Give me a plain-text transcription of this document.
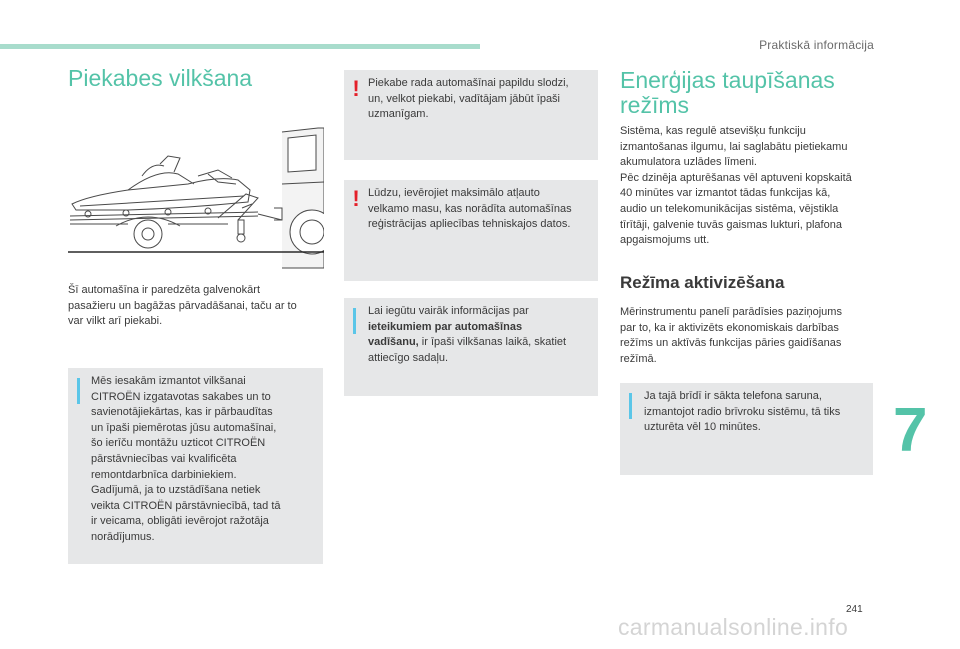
Praktiskā informācija
Piekabes vilkšana
Šī automašīna ir paredzēta galvenokārt
pasažieru un bagāžas pārvadāšanai, taču ar to
var vilkt arī piekabi.
Mēs iesakām izmantot vilkšanai
CITROËN izgatavotas sakabes un to
savienotājiekārtas, kas ir pārbaudītas
un īpaši piemērotas jūsu automašīnai,
šo ierīču montāžu uzticot CITROËN
pārstāvniecības vai kvalificēta
remontdarbnīca darbiniekiem.
Gadījumā, ja to uzstādīšana netiek
veikta CITROËN pārstāvniecībā, tad tā
ir veicama, obligāti ievērojot ražotāja
norādījumus.
! Piekabe rada automašīnai papildu slodzi,
un, velkot piekabi, vadītājam jābūt īpaši
uzmanīgam.
! Lūdzu, ievērojiet maksimālo atļauto
velkamo masu, kas norādīta automašīnas
reģistrācijas apliecības tehniskajos datos.
Lai iegūtu vairāk informācijas par
ieteikumiem par automašīnas
vadīšanu, ir īpaši vilkšanas laikā, skatiet
attiecīgo sadaļu.
Enerģijas taupīšanas
režīms
Sistēma, kas regulē atsevišķu funkciju
izmantošanas ilgumu, lai saglabātu pietiekamu
akumulatora uzlādes līmeni.
Pēc dzinēja apturēšanas vēl aptuveni kopskaitā
40 minūtes var izmantot tādas funkcijas kā,
audio un telekomunikācijas sistēma, vējstikla
tīrītāji, galvenie tuvās gaismas lukturi, plafona
apgaismojums utt.
Režīma aktivizēšana
Mērinstrumentu panelī parādīsies paziņojums
par to, ka ir aktivizēts ekonomiskais darbības
režīms un aktīvās funkcijas pāries gaidīšanas
režīmā.
Ja tajā brīdī ir sākta telefona saruna,
izmantojot radio brīvroku sistēmu, tā tiks
uzturēta vēl 10 minūtes.	7
241
carmanualsonline.info
